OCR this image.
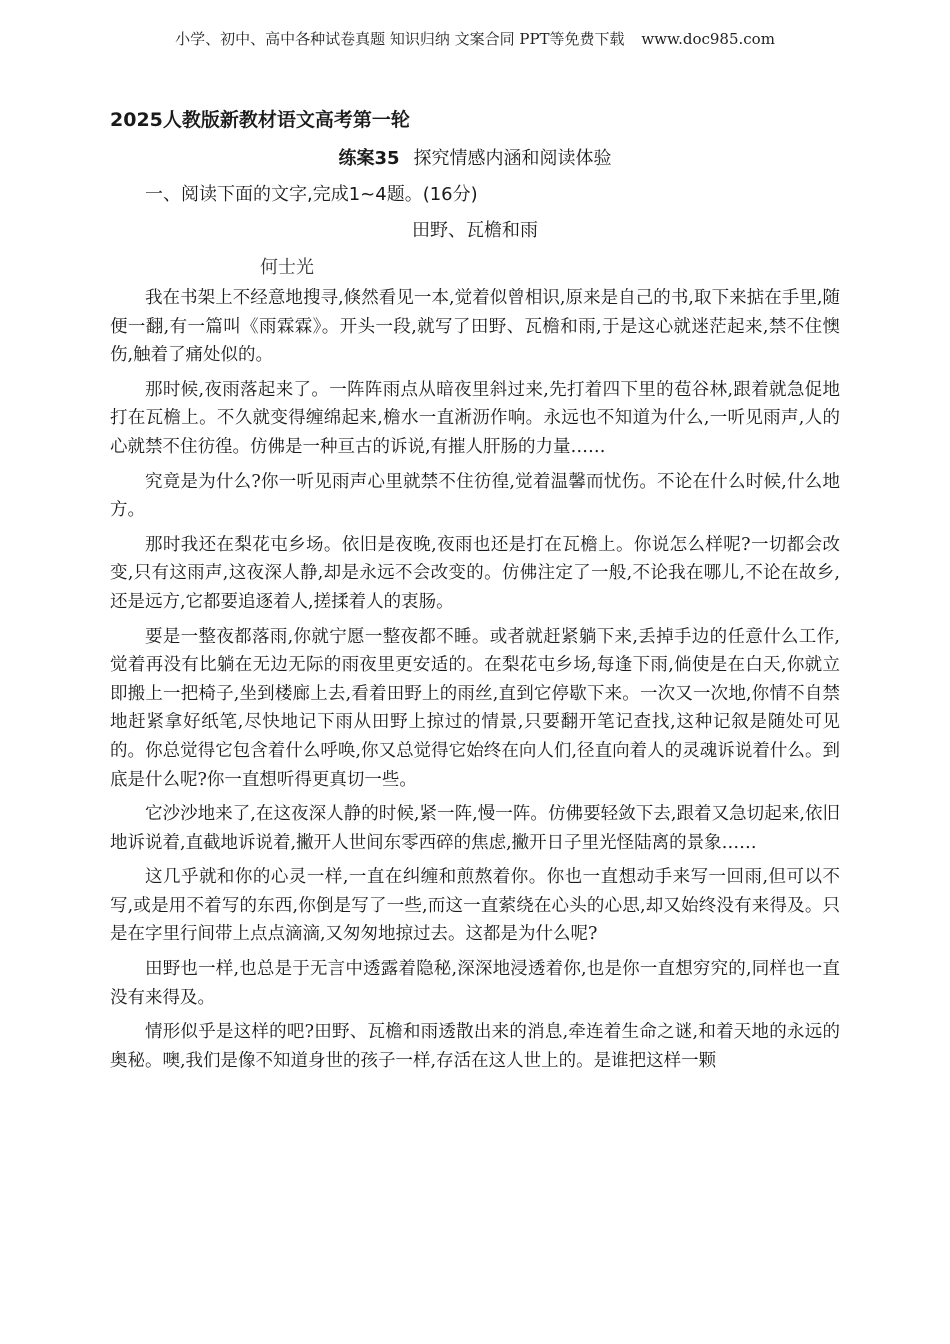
小学、初中、高中各种试卷真题 知识归纳 文案合同 PPT等免费下载 www.doc985.com
2025人教版新教材语文高考第一轮
练案35 探究情感内涵和阅读体验
一、阅读下面的文字,完成1~4题。(16分)
田野、瓦檐和雨
何士光

我在书架上不经意地搜寻,倏然看见一本,觉着似曾相识,原来是自己的书,取下来掂在手里,随便一翻,有一篇叫《雨霖霖》。开头一段,就写了田野、瓦檐和雨,于是这心就迷茫起来,禁不住懊伤,触着了痛处似的。

那时候,夜雨落起来了。一阵阵雨点从暗夜里斜过来,先打着四下里的苞谷林,跟着就急促地打在瓦檐上。不久就变得缠绵起来,檐水一直淅沥作响。永远也不知道为什么,一听见雨声,人的心就禁不住彷徨。仿佛是一种亘古的诉说,有摧人肝肠的力量……

究竟是为什么?你一听见雨声心里就禁不住彷徨,觉着温馨而忧伤。不论在什么时候,什么地方。

那时我还在梨花屯乡场。依旧是夜晚,夜雨也还是打在瓦檐上。你说怎么样呢?一切都会改变,只有这雨声,这夜深人静,却是永远不会改变的。仿佛注定了一般,不论我在哪儿,不论在故乡,还是远方,它都要追逐着人,搓揉着人的衷肠。

要是一整夜都落雨,你就宁愿一整夜都不睡。或者就赶紧躺下来,丢掉手边的任意什么工作,觉着再没有比躺在无边无际的雨夜里更安适的。在梨花屯乡场,每逢下雨,倘使是在白天,你就立即搬上一把椅子,坐到楼廊上去,看着田野上的雨丝,直到它停歇下来。一次又一次地,你情不自禁地赶紧拿好纸笔,尽快地记下雨从田野上掠过的情景,只要翻开笔记查找,这种记叙是随处可见的。你总觉得它包含着什么呼唤,你又总觉得它始终在向人们,径直向着人的灵魂诉说着什么。到底是什么呢?你一直想听得更真切一些。

它沙沙地来了,在这夜深人静的时候,紧一阵,慢一阵。仿佛要轻敛下去,跟着又急切起来,依旧地诉说着,直截地诉说着,撇开人世间东零西碎的焦虑,撇开日子里光怪陆离的景象……

这几乎就和你的心灵一样,一直在纠缠和煎熬着你。你也一直想动手来写一回雨,但可以不写,或是用不着写的东西,你倒是写了一些,而这一直萦绕在心头的心思,却又始终没有来得及。只是在字里行间带上点点滴滴,又匆匆地掠过去。这都是为什么呢?

田野也一样,也总是于无言中透露着隐秘,深深地浸透着你,也是你一直想穷究的,同样也一直没有来得及。

情形似乎是这样的吧?田野、瓦檐和雨透散出来的消息,牵连着生命之谜,和着天地的永远的奥秘。噢,我们是像不知道身世的孩子一样,存活在这人世上的。是谁把这样一颗
